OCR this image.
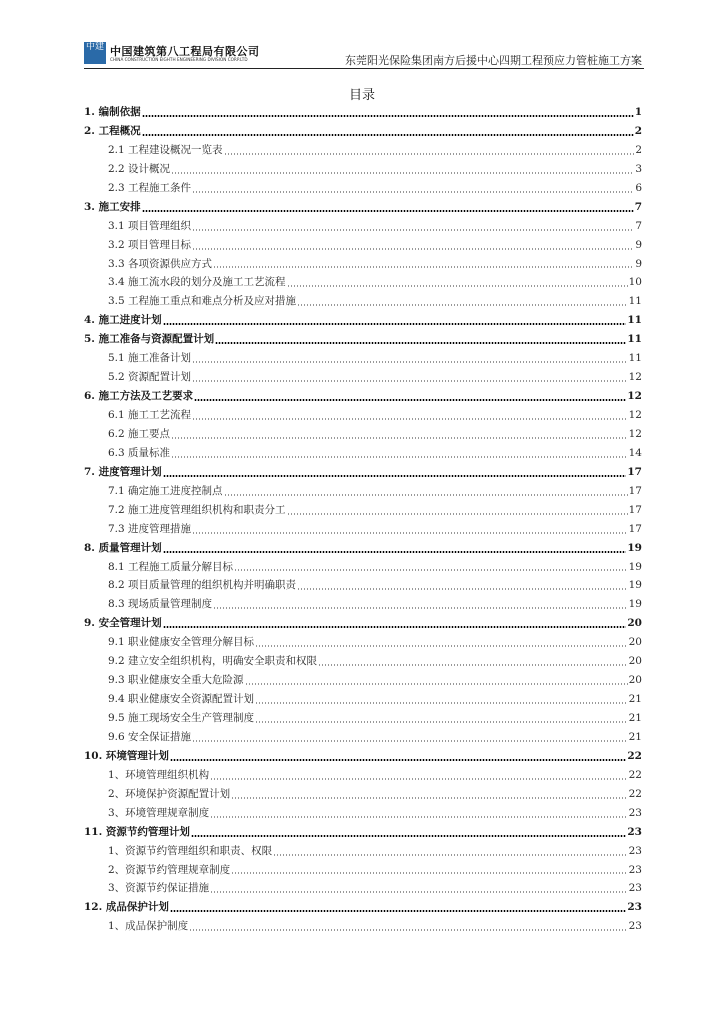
中建 中国建筑第八工程局有限公司
CHINA CONSTRUCTION EIGHTH ENGINEERING DIVISION CORP.LTD	东莞阳光保险集团南方后援中心四期工程预应力管桩施工方案
目录
1. 编制依据	1
2. 工程概况	2
2.1 工程建设概况一览表	2
2.2 设计概况	3
2.3 工程施工条件	6
3. 施工安排	7
3.1 项目管理组织	7
3.2 项目管理目标	9
3.3 各项资源供应方式	9
3.4 施工流水段的划分及施工工艺流程	10
3.5 工程施工重点和难点分析及应对措施	11
4. 施工进度计划	11
5. 施工准备与资源配置计划	11
5.1 施工准备计划	11
5.2 资源配置计划	12
6. 施工方法及工艺要求	12
6.1 施工工艺流程	12
6.2 施工要点	12
6.3 质量标准	14
7. 进度管理计划	17
7.1 确定施工进度控制点	17
7.2 施工进度管理组织机构和职责分工	17
7.3 进度管理措施	17
8. 质量管理计划	19
8.1 工程施工质量分解目标	19
8.2 项目质量管理的组织机构并明确职责	19
8.3 现场质量管理制度	19
9. 安全管理计划	20
9.1 职业健康安全管理分解目标	20
9.2 建立安全组织机构，明确安全职责和权限	20
9.3 职业健康安全重大危险源	20
9.4 职业健康安全资源配置计划	21
9.5 施工现场安全生产管理制度	21
9.6 安全保证措施	21
10. 环境管理计划	22
1、环境管理组织机构	22
2、环境保护资源配置计划	22
3、环境管理规章制度	23
11. 资源节约管理计划	23
1、资源节约管理组织和职责、权限	23
2、资源节约管理规章制度	23
3、资源节约保证措施	23
12. 成品保护计划	23
1、成品保护制度	23
